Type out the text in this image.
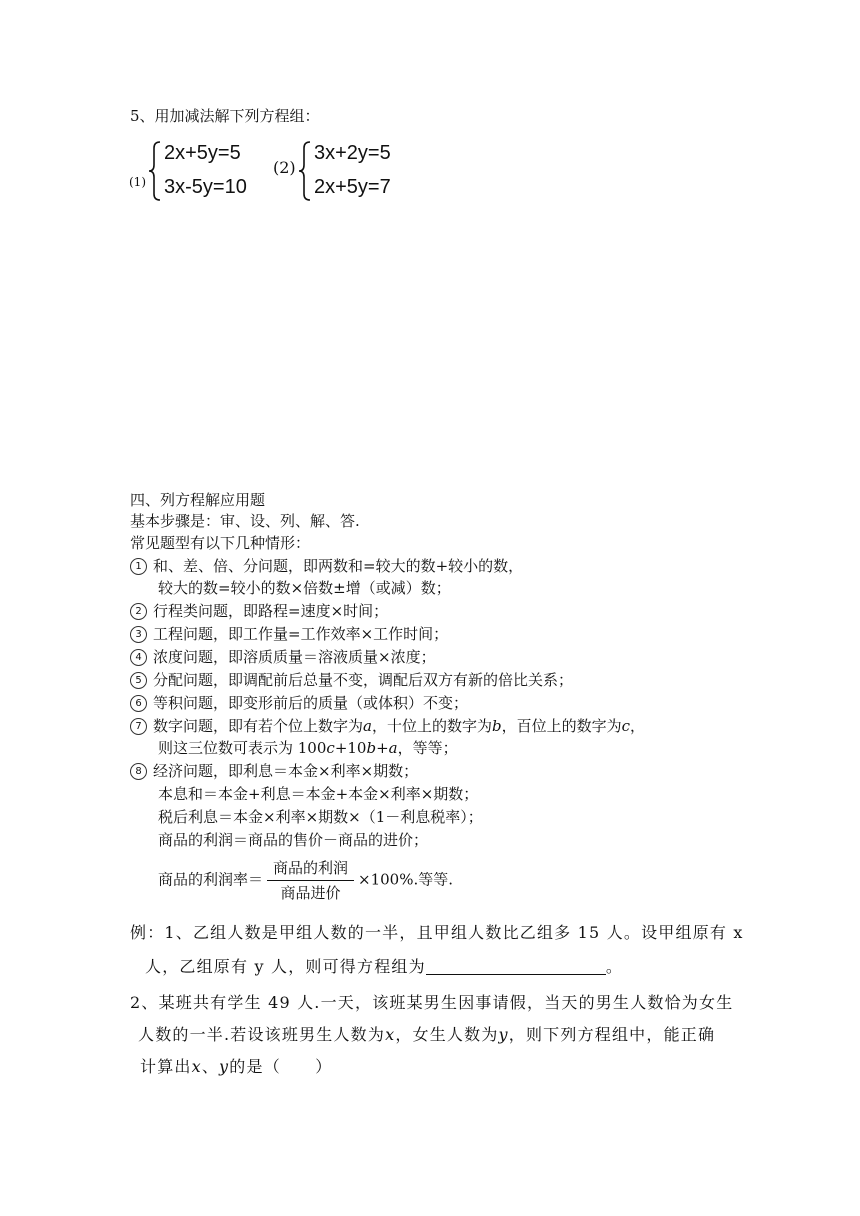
5、用加减法解下列方程组：
(1)
2x+5y=5
3x-5y=10
(2)
3x+2y=5
2x+5y=7
四、列方程解应用题
基本步骤是：审、设、列、解、答.
常见题型有以下几种情形：
1 和、差、倍、分问题，即两数和=较大的数+较小的数，
较大的数=较小的数×倍数±增（或减）数；
2 行程类问题，即路程=速度×时间；
3 工程问题，即工作量=工作效率×工作时间；
4 浓度问题，即溶质质量＝溶液质量×浓度；
5 分配问题，即调配前后总量不变，调配后双方有新的倍比关系；
6 等积问题，即变形前后的质量（或体积）不变；
7 数字问题，即有若个位上数字为a，十位上的数字为b，百位上的数字为c，
则这三位数可表示为 100c+10b+a，等等；
8 经济问题，即利息＝本金×利率×期数；
本息和＝本金+利息＝本金+本金×利率×期数；
税后利息＝本金×利率×期数×（1－利息税率）；
商品的利润＝商品的售价－商品的进价；
商品的利润率＝ $\frac{\text{商品的利润}}{\text{商品进价}} \times 100\%$.等等.
例：1、乙组人数是甲组人数的一半，且甲组人数比乙组多 15 人。设甲组原有 x
人，乙组原有 y 人，则可得方程组为	。
2、某班共有学生 49 人.一天，该班某男生因事请假，当天的男生人数恰为女生
人数的一半.若设该班男生人数为x，女生人数为y，则下列方程组中，能正确
计算出x、y的是（　　）
